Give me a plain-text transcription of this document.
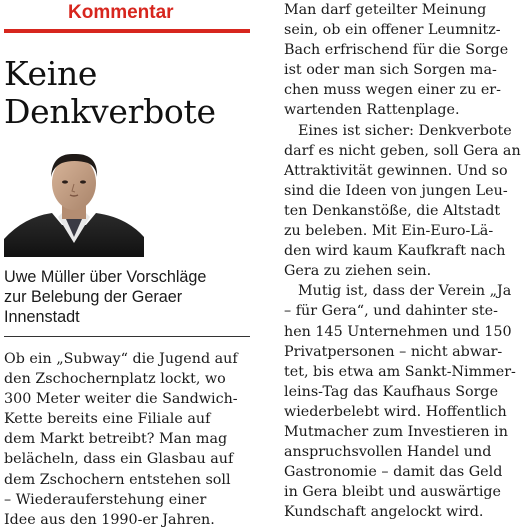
Kommentar
Keine
Denkverbote
Uwe Müller über Vorschläge
zur Belebung der Geraer
Innenstadt

Ob ein „Subway“ die Jugend auf
den Zschochernplatz lockt, wo
300 Meter weiter die Sandwich-
Kette bereits eine Filiale auf
dem Markt betreibt? Man mag
belächeln, dass ein Glasbau auf
dem Zschochern entstehen soll
– Wiederauferstehung einer
Idee aus den 1990-er Jahren.

Man darf geteilter Meinung
sein, ob ein offener Leumnitz-
Bach erfrischend für die Sorge
ist oder man sich Sorgen ma-
chen muss wegen einer zu er-
wartenden Rattenplage.

Eines ist sicher: Denkverbote
darf es nicht geben, soll Gera an
Attraktivität gewinnen. Und so
sind die Ideen von jungen Leu-
ten Denkanstöße, die Altstadt
zu beleben. Mit Ein-Euro-Lä-
den wird kaum Kaufkraft nach
Gera zu ziehen sein.

Mutig ist, dass der Verein „Ja
– für Gera“, und dahinter ste-
hen 145 Unternehmen und 150
Privatpersonen – nicht abwar-
tet, bis etwa am Sankt-Nimmer-
leins-Tag das Kaufhaus Sorge
wiederbelebt wird. Hoffentlich
Mutmacher zum Investieren in
anspruchsvollen Handel und
Gastronomie – damit das Geld
in Gera bleibt und auswärtige
Kundschaft angelockt wird.
